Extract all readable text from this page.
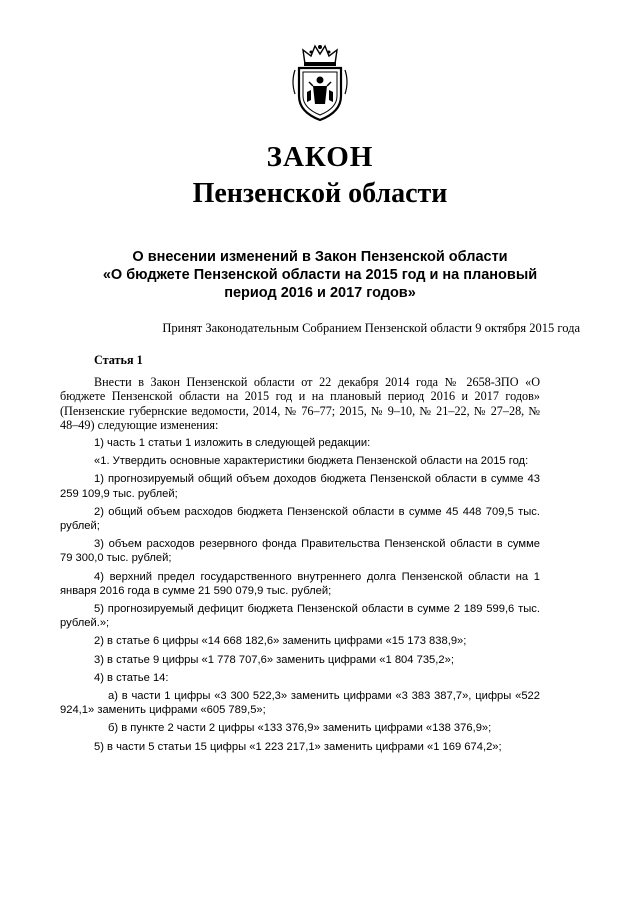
ЗАКОН
Пензенской области
О внесении изменений в Закон Пензенской области
«О бюджете Пензенской области на 2015 год и на плановый
период 2016 и 2017 годов»
Принят Законодательным Собранием Пензенской области 9 октября 2015 года

Статья 1

Внести в Закон Пензенской области от 22 декабря 2014 года № 2658-ЗПО «О бюджете Пензенской области на 2015 год и на плановый период 2016 и 2017 годов» (Пензенские губернские ведомости, 2014, № 76–77; 2015, № 9–10, № 21–22, № 27–28, № 48–49) следующие изменения:

1) часть 1 статьи 1 изложить в следующей редакции:

«1. Утвердить основные характеристики бюджета Пензенской области на 2015 год:

1) прогнозируемый общий объем доходов бюджета Пензенской области в сумме 43 259 109,9 тыс. рублей;

2) общий объем расходов бюджета Пензенской области в сумме 45 448 709,5 тыс. рублей;

3) объем расходов резервного фонда Правительства Пензенской области в сумме 79 300,0 тыс. рублей;

4) верхний предел государственного внутреннего долга Пензенской области на 1 января 2016 года в сумме 21 590 079,9 тыс. рублей;

5) прогнозируемый дефицит бюджета Пензенской области в сумме 2 189 599,6 тыс. рублей.»;

2) в статье 6 цифры «14 668 182,6» заменить цифрами «15 173 838,9»;

3) в статье 9 цифры «1 778 707,6» заменить цифрами «1 804 735,2»;

4) в статье 14:

а) в части 1 цифры «3 300 522,3» заменить цифрами «3 383 387,7», цифры «522 924,1» заменить цифрами «605 789,5»;

б) в пункте 2 части 2 цифры «133 376,9» заменить цифрами «138 376,9»;

5) в части 5 статьи 15 цифры «1 223 217,1» заменить цифрами «1 169 674,2»;
